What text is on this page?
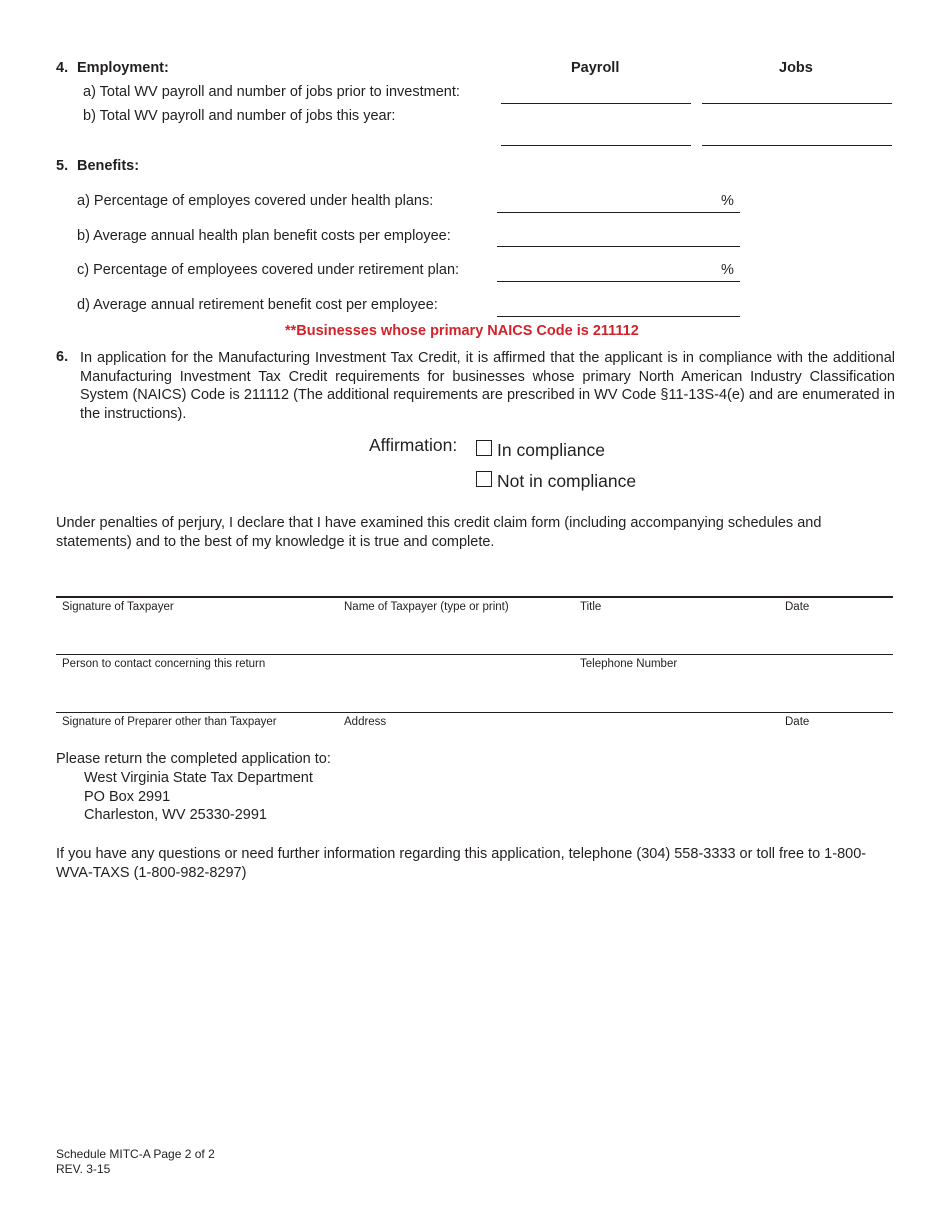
4. Employment:	Payroll	Jobs
a) Total WV payroll and number of jobs prior to investment:
b) Total WV payroll and number of jobs this year:
5. Benefits:
a) Percentage of employes covered under health plans:	%
b) Average annual health plan benefit costs per employee:
c) Percentage of employees covered under retirement plan:	%
d) Average annual retirement benefit cost per employee:
**Businesses whose primary NAICS Code is 211112
6. In application for the Manufacturing Investment Tax Credit, it is affirmed that the applicant is in compliance with the additional Manufacturing Investment Tax Credit requirements for businesses whose primary North American Industry Classification System (NAICS) Code is 211112 (The additional requirements are prescribed in WV Code §11-13S-4(e) and are enumerated in the instructions).
Affirmation: In compliance
Not in compliance
Under penalties of perjury, I declare that I have examined this credit claim form (including accompanying schedules and statements) and to the best of my knowledge it is true and complete.
Signature of Taxpayer	Name of Taxpayer (type or print)	Title	Date
Person to contact concerning this return	Telephone Number
Signature of Preparer other than Taxpayer	Address	Date
Please return the completed application to:
West Virginia State Tax Department
PO Box 2991
Charleston, WV 25330-2991
If you have any questions or need further information regarding this application, telephone (304) 558-3333 or toll free to 1-800-WVA-TAXS (1-800-982-8297)
Schedule MITC-A Page 2 of 2
REV. 3-15
